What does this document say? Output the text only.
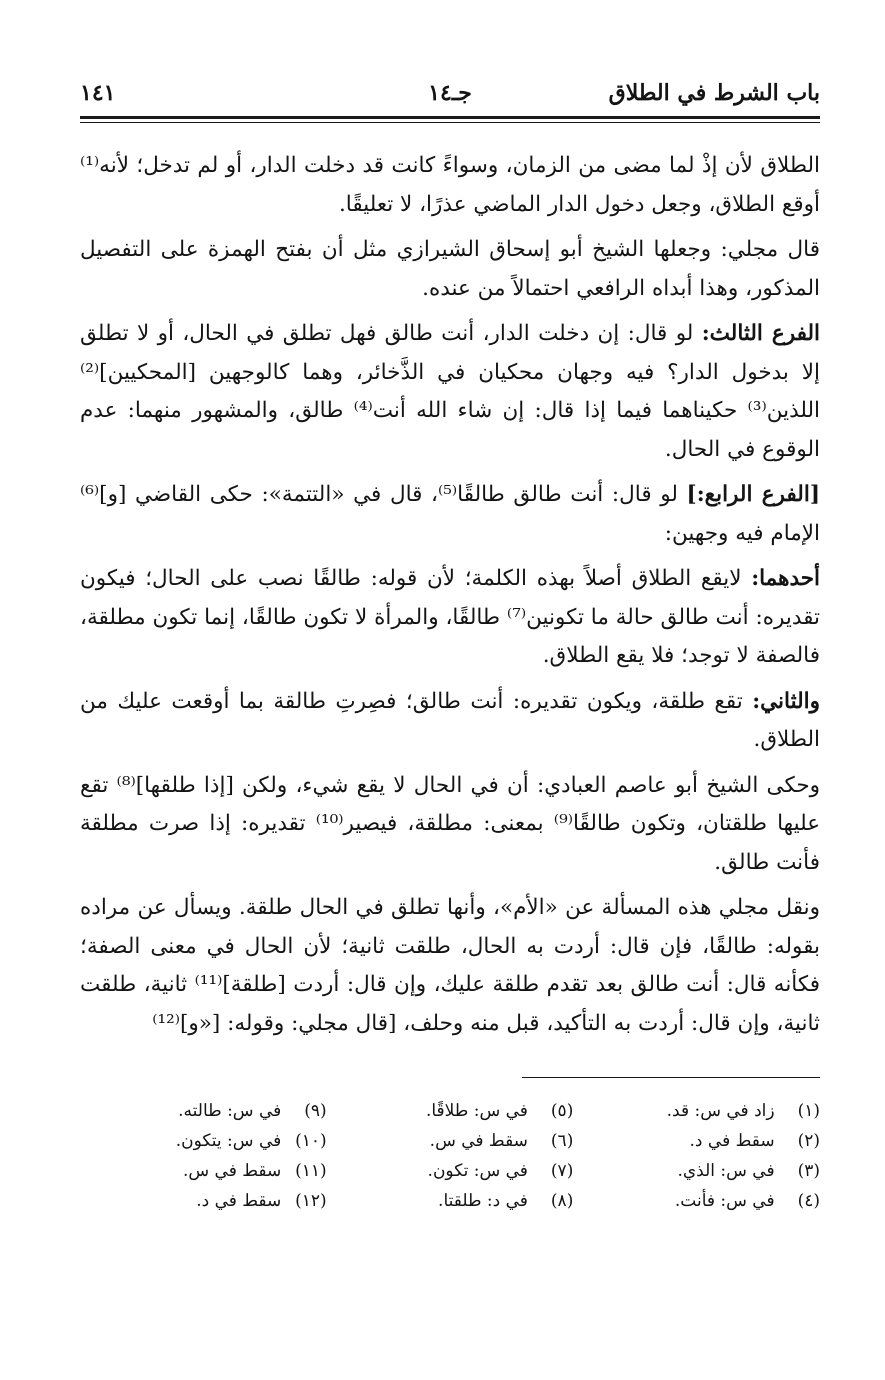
باب الشرط في الطلاق
جـ١٤
١٤١

الطلاق لأن إذْ لما مضى من الزمان، وسواءً كانت قد دخلت الدار، أو لم تدخل؛ لأنه⁽¹⁾ أوقع الطلاق، وجعل دخول الدار الماضي عذرًا، لا تعليقًا.

قال مجلي: وجعلها الشيخ أبو إسحاق الشيرازي مثل أن بفتح الهمزة على التفصيل المذكور، وهذا أبداه الرافعي احتمالاً من عنده.

الفرع الثالث: لو قال: إن دخلت الدار، أنت طالق فهل تطلق في الحال، أو لا تطلق إلا بدخول الدار؟ فيه وجهان محكيان في الذَّخائر، وهما كالوجهين [المحكيين]⁽²⁾ اللذين⁽³⁾ حكيناهما فيما إذا قال: إن شاء الله أنت⁽⁴⁾ طالق، والمشهور منهما: عدم الوقوع في الحال.

[الفرع الرابع:] لو قال: أنت طالق طالقًا⁽⁵⁾، قال في «التتمة»: حكى القاضي [و]⁽⁶⁾ الإمام فيه وجهين:

أحدهما: لايقع الطلاق أصلاً بهذه الكلمة؛ لأن قوله: طالقًا نصب على الحال؛ فيكون تقديره: أنت طالق حالة ما تكونين⁽⁷⁾ طالقًا، والمرأة لا تكون طالقًا، إنما تكون مطلقة، فالصفة لا توجد؛ فلا يقع الطلاق.

والثاني: تقع طلقة، ويكون تقديره: أنت طالق؛ فصِرتِ طالقة بما أوقعت عليك من الطلاق.

وحكى الشيخ أبو عاصم العبادي: أن في الحال لا يقع شيء، ولكن [إذا طلقها]⁽⁸⁾ تقع عليها طلقتان، وتكون طالقًا⁽⁹⁾ بمعنى: مطلقة، فيصير⁽¹⁰⁾ تقديره: إذا صرت مطلقة فأنت طالق.

ونقل مجلي هذه المسألة عن «الأم»، وأنها تطلق في الحال طلقة. ويسأل عن مراده بقوله: طالقًا، فإن قال: أردت به الحال، طلقت ثانية؛ لأن الحال في معنى الصفة؛ فكأنه قال: أنت طالق بعد تقدم طلقة عليك، وإن قال: أردت [طلقة]⁽¹¹⁾ ثانية، طلقت ثانية، وإن قال: أردت به التأكيد، قبل منه وحلف، [قال مجلي: وقوله: [«و]⁽¹²⁾

(١) زاد في س: قد.
(٢) سقط في د.
(٣) في س: الذي.
(٤) في س: فأنت.
(٥) في س: طلاقًا.
(٦) سقط في س.
(٧) في س: تكون.
(٨) في د: طلقتا.
(٩) في س: طالته.
(١٠) في س: يتكون.
(١١) سقط في س.
(١٢) سقط في د.
